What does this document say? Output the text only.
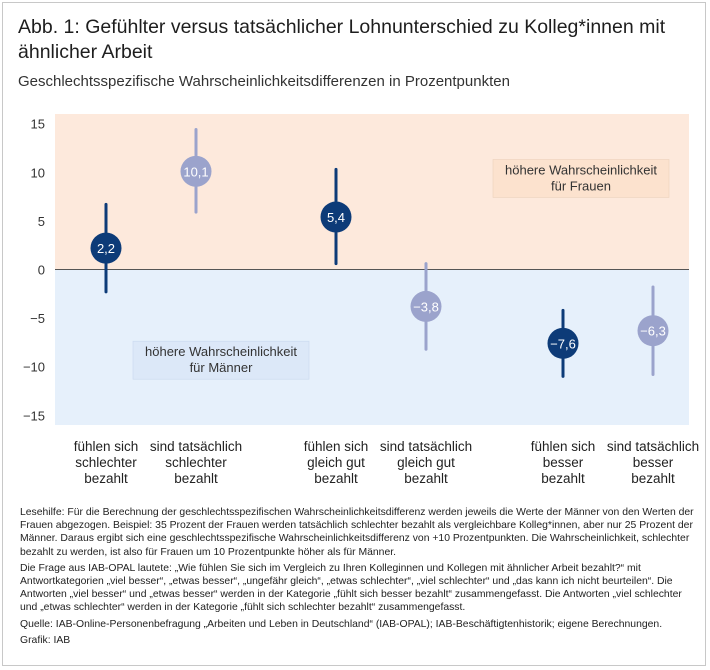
Abb. 1: Gefühlter versus tatsächlicher Lohnunterschied zu Kolleg*innen mit ähnlicher Arbeit
Geschlechtsspezifische Wahrscheinlichkeitsdifferenzen in Prozentpunkten
15
10
5
0
−5
−10
−15
höhere Wahrscheinlichkeit
für Frauen
höhere Wahrscheinlichkeit
für Männer
2,2
10,1
5,4
−3,8
−7,6
−6,3
fühlen sich
schlechter
bezahlt
sind tatsächlich
schlechter
bezahlt
fühlen sich
gleich gut
bezahlt
sind tatsächlich
gleich gut
bezahlt
fühlen sich
besser
bezahlt
sind tatsächlich
besser
bezahlt

Lesehilfe: Für die Berechnung der geschlechtsspezifischen Wahrscheinlichkeitsdifferenz werden jeweils die Werte der Männer von den Werten der Frauen abgezogen. Beispiel: 35 Prozent der Frauen werden tatsächlich schlechter bezahlt als vergleichbare Kolleg*innen, aber nur 25 Prozent der Männer. Daraus ergibt sich eine geschlechtsspezifische Wahrscheinlichkeitsdifferenz von +10 Prozentpunkten. Die Wahrscheinlichkeit, schlechter bezahlt zu werden, ist also für Frauen um 10 Prozentpunkte höher als für Männer.

Die Frage aus IAB-OPAL lautete: „Wie fühlen Sie sich im Vergleich zu Ihren Kolleginnen und Kollegen mit ähnlicher Arbeit bezahlt?“ mit Antwortkategorien „viel besser“, „etwas besser“, „ungefähr gleich“, „etwas schlechter“, „viel schlechter“ und „das kann ich nicht beurteilen“. Die Antworten „viel besser“ und „etwas besser“ werden in der Kategorie „fühlt sich besser bezahlt“ zusammengefasst. Die Antworten „viel schlechter und „etwas schlechter“ werden in der Kategorie „fühlt sich schlechter bezahlt“ zusammengefasst.

Quelle: IAB-Online-Personenbefragung „Arbeiten und Leben in Deutschland“ (IAB-OPAL); IAB-Beschäftigtenhistorik; eigene Berechnungen.

Grafik: IAB
